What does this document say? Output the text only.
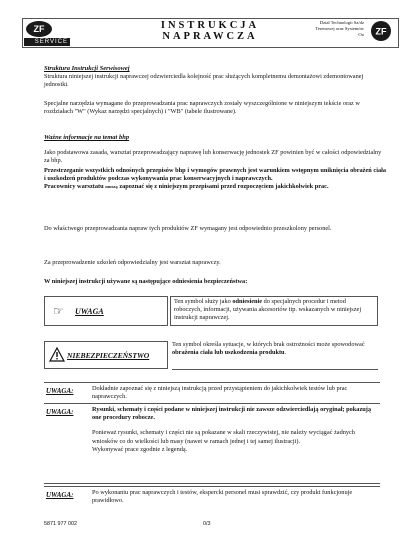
ZF
SERVICE
INSTRUKCJA
NAPRAWCZA
Dział Technologii Sa/dz
Terenowej oraz Systemów
Oo ZF
Struktura Instrukcji Serwisowej
Struktura niniejszej instrukcji naprawczej odzwierciedla kolejność prac służących kompletnemu demontażowi zdemontowanej jednostki.
Specjalne narzędzia wymagane do przeprowadzania prac naprawczych zostały wyszczególnione w niniejszym tekście oraz w rozdziałach "W" (Wykaz narzędzi specjalnych) i "WB" (tabele ilustrowane).
Ważne informacje na temat bhp
Jako podstawowa zasada, warsztat przeprowadzający naprawę lub konserwację jednostek ZF powinien być w całości odpowiedzialny za bhp.
Przestrzeganie wszystkich odnośnych przepisów bhp i wymogów prawnych jest warunkiem wstępnym uniknięcia obrażeń ciała i uszkodzeń produktów podczas wykonywania prac konserwacyjnych i naprawczych.
Pracownicy warsztatu muszą zapoznać się z niniejszym przepisami przed rozpoczęciem jakichkolwiek prac.
Do właściwego przeprowadzania napraw tych produktów ZF wymagany jest odpowiednio przeszkolony personel.
Za przeprowadzenie szkoleń odpowiedzialny jest warsztat naprawczy.
W niniejszej instrukcji używane są następujące odniesienia bezpieczeństwa:
☞ UWAGA
Ten symbol służy jako odniesienie do specjalnych procedur i metod roboczych, informacji, używania akcesoriów itp. wskazanych w niniejszej instrukcji naprawczej.
NIEBEZPIECZEŃSTWO
Ten symbol określa sytuacje, w których brak ostrożności może spowodować obrażenia ciała lub uszkodzenia produktu.
UWAGA:	Dokładnie zapoznać się z niniejszą instrukcją przed przystąpieniem do jakichkolwiek testów lub prac naprawczych.
UWAGA:	Rysunki, schematy i części podane w niniejszej instrukcji nie zawsze odzwierciedlają oryginał; pokazują one procedury robocze.
Ponieważ rysunki, schematy i części nie są pokazane w skali rzeczywistej, nie należy wyciągać żadnych wniosków co do wielkości lub masy (nawet w ramach jednej i tej samej ilustracji).
Wykonywać prace zgodnie z legendą.
UWAGA:	Po wykonaniu prac naprawczych i testów, ekspercki personel musi sprawdzić, czy produkt funkcjonuje prawidłowo.
5871 977 002	0/3
